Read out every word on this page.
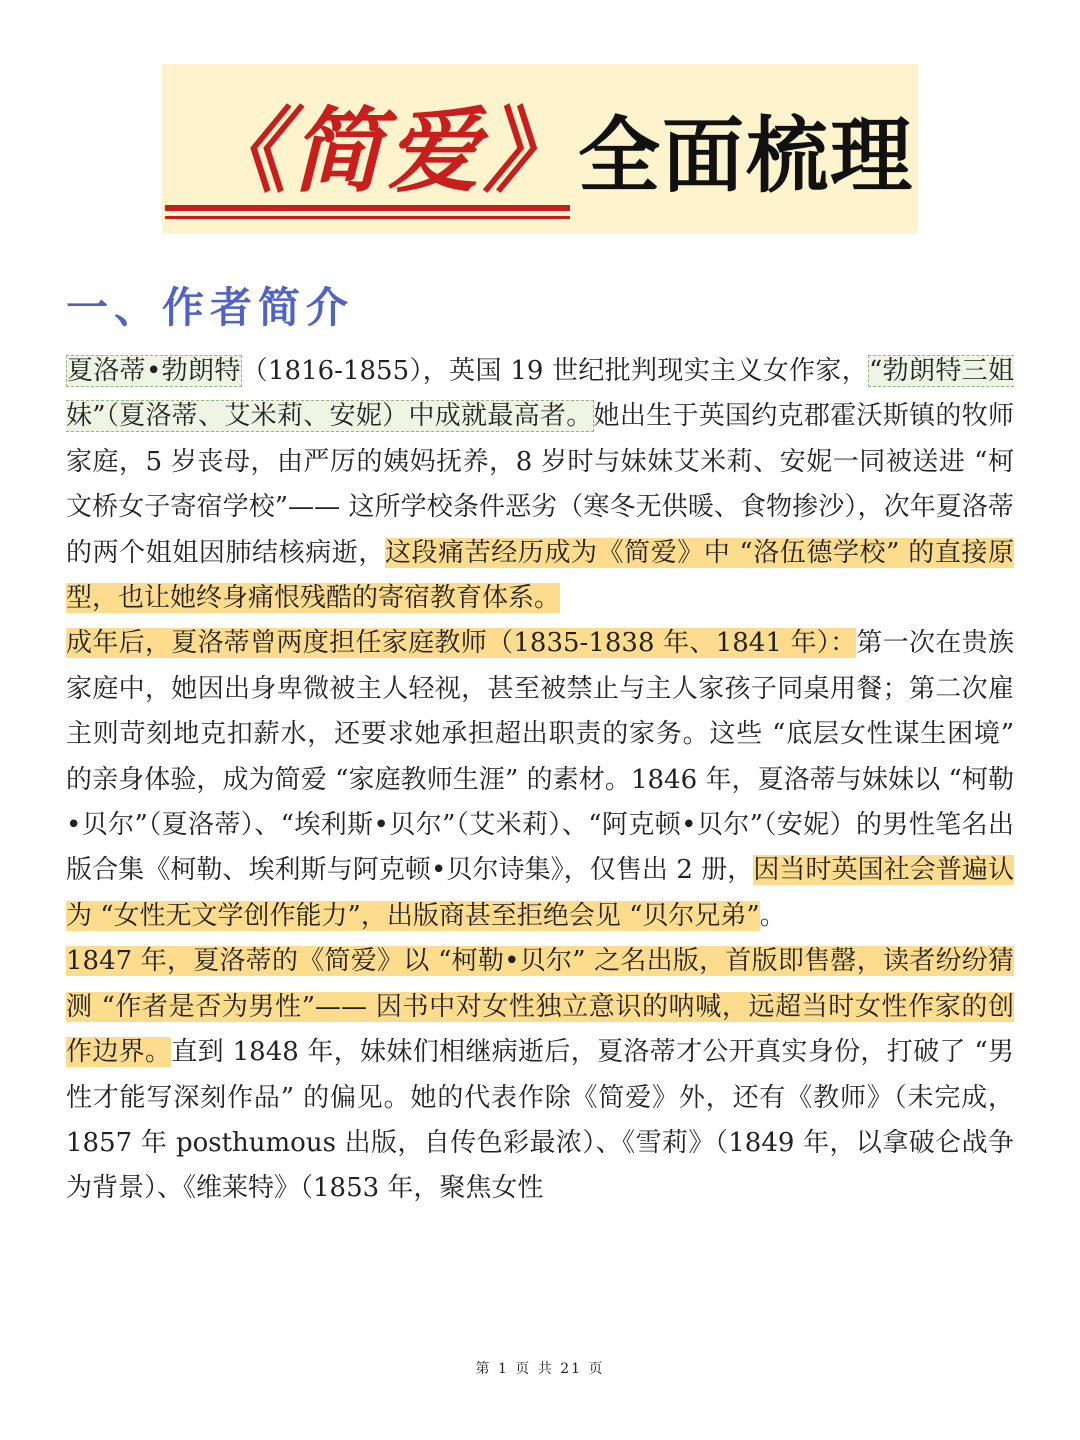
《简爱》
全面梳理
一、作者简介

夏洛蒂•勃朗特（1816-1855），英国 19 世纪批判现实主义女作家，“勃朗特三姐妹”（夏洛蒂、艾米莉、安妮）中成就最高者。她出生于英国约克郡霍沃斯镇的牧师家庭，5 岁丧母，由严厉的姨妈抚养，8 岁时与妹妹艾米莉、安妮一同被送进 “柯文桥女子寄宿学校”—— 这所学校条件恶劣（寒冬无供暖、食物掺沙），次年夏洛蒂的两个姐姐因肺结核病逝，这段痛苦经历成为《简爱》中 “洛伍德学校” 的直接原型，也让她终身痛恨残酷的寄宿教育体系。

成年后，夏洛蒂曾两度担任家庭教师（1835-1838 年、1841 年）：第一次在贵族家庭中，她因出身卑微被主人轻视，甚至被禁止与主人家孩子同桌用餐；第二次雇主则苛刻地克扣薪水，还要求她承担超出职责的家务。这些 “底层女性谋生困境” 的亲身体验，成为简爱 “家庭教师生涯” 的素材。1846 年，夏洛蒂与妹妹以 “柯勒•贝尔”（夏洛蒂）、“埃利斯•贝尔”（艾米莉）、“阿克顿•贝尔”（安妮）的男性笔名出版合集《柯勒、埃利斯与阿克顿•贝尔诗集》，仅售出 2 册，因当时英国社会普遍认为 “女性无文学创作能力”，出版商甚至拒绝会见 “贝尔兄弟”。

1847 年，夏洛蒂的《简爱》以 “柯勒•贝尔” 之名出版，首版即售罄，读者纷纷猜测 “作者是否为男性”—— 因书中对女性独立意识的呐喊，远超当时女性作家的创作边界。直到 1848 年，妹妹们相继病逝后，夏洛蒂才公开真实身份，打破了 “男性才能写深刻作品” 的偏见。她的代表作除《简爱》外，还有《教师》（未完成，1857 年 posthumous 出版，自传色彩最浓）、《雪莉》（1849 年，以拿破仑战争为背景）、《维莱特》（1853 年，聚焦女性

第 1 页 共 21 页
